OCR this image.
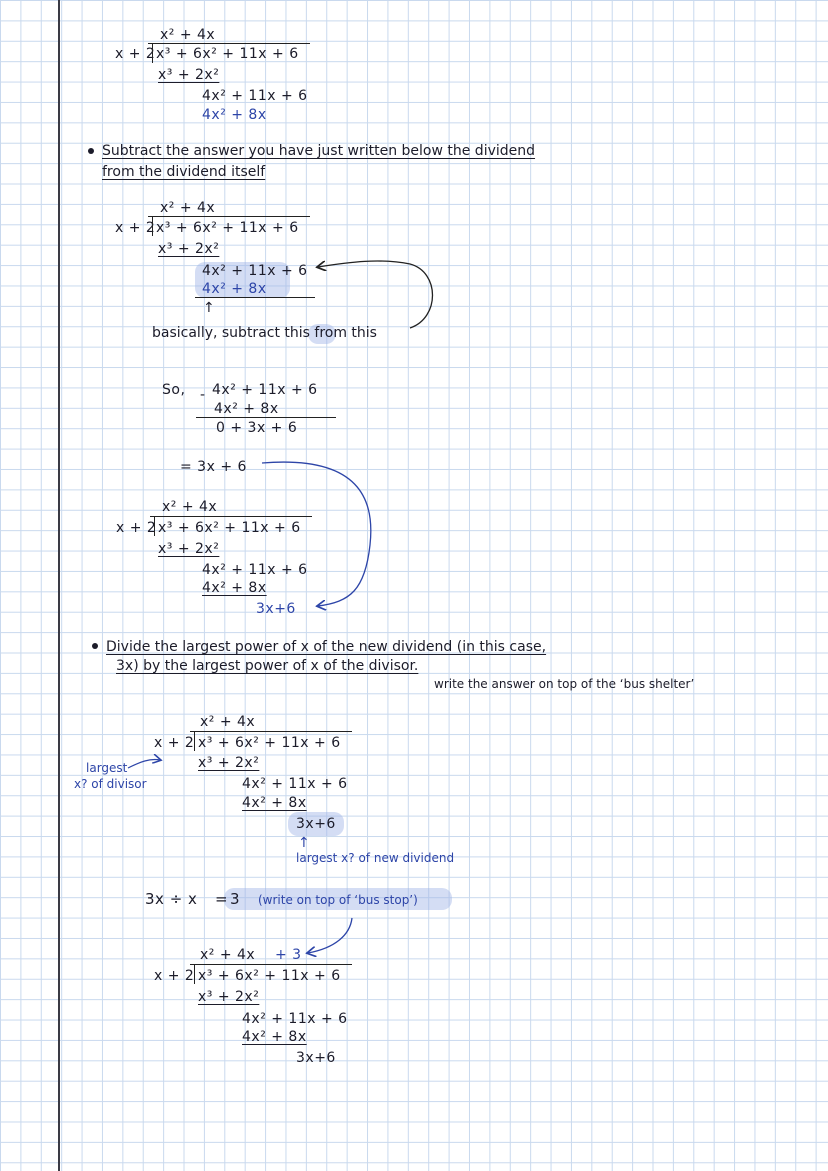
x² + 4x
x + 2 x³ + 6x² + 11x + 6
x³ + 2x²
4x² + 11x + 6
4x² + 8x
Subtract the answer you have just written below the dividend
from the dividend itself
x² + 4x
x + 2 x³ + 6x² + 11x + 6
x³ + 2x²
4x² + 11x + 6
4x² + 8x
↑
basically, subtract this from this
So, - 4x² + 11x + 6
4x² + 8x
0 + 3x + 6
= 3x + 6
x² + 4x
x + 2 x³ + 6x² + 11x + 6
x³ + 2x²
4x² + 11x + 6
4x² + 8x
3x+6
Divide the largest power of x of the new dividend (in this case,
3x) by the largest power of x of the divisor.
write the answer on top of the ‘bus shelter’
x² + 4x
x + 2 x³ + 6x² + 11x + 6
x³ + 2x²
4x² + 11x + 6
4x² + 8x
3x+6
largest
x? of divisor
↑
largest x? of new dividend
3x ÷ x = 3 (write on top of ‘bus stop’)
x² + 4x + 3
x + 2 x³ + 6x² + 11x + 6
x³ + 2x²
4x² + 11x + 6
4x² + 8x
3x+6
